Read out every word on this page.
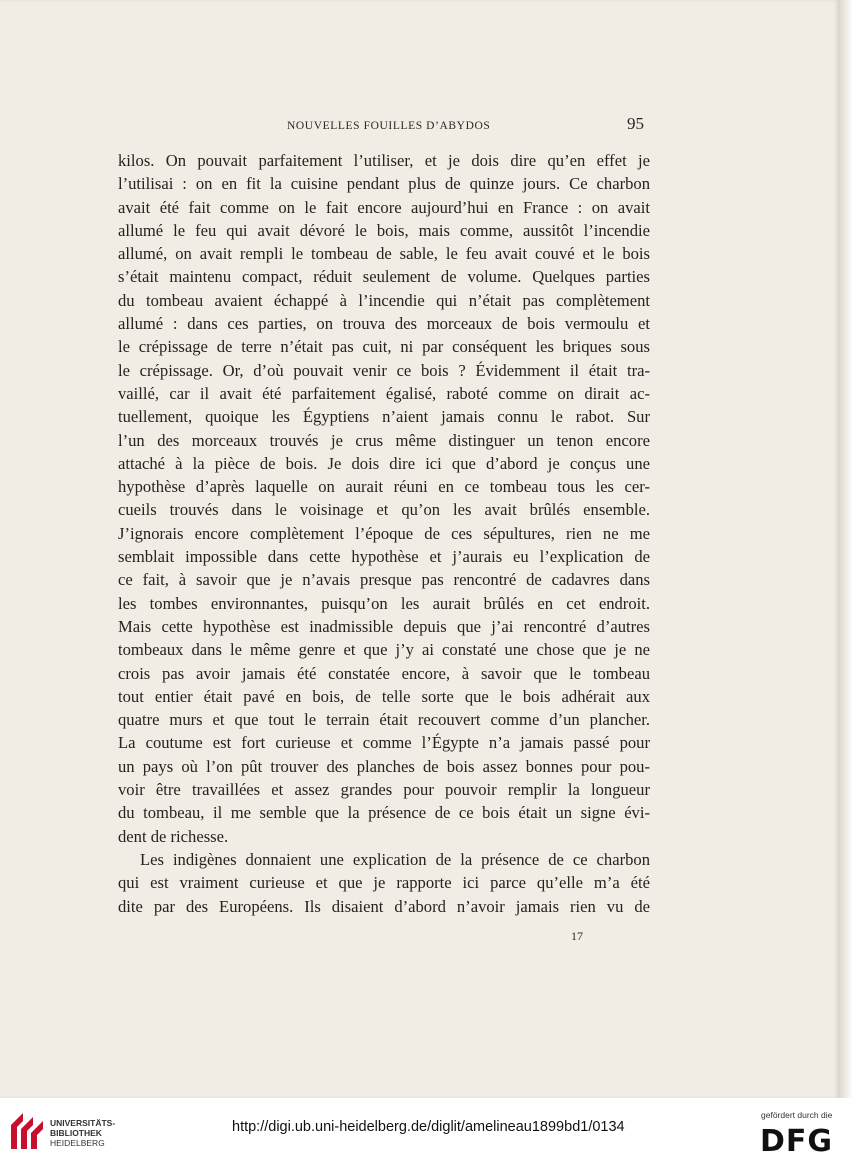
NOUVELLES FOUILLES D’ABYDOS	95
kilos. On pouvait parfaitement l’utiliser, et je dois dire qu’en effet je
l’utilisai : on en fit la cuisine pendant plus de quinze jours. Ce charbon
avait été fait comme on le fait encore aujourd’hui en France : on avait
allumé le feu qui avait dévoré le bois, mais comme, aussitôt l’incendie
allumé, on avait rempli le tombeau de sable, le feu avait couvé et le bois
s’était maintenu compact, réduit seulement de volume. Quelques parties
du tombeau avaient échappé à l’incendie qui n’était pas complètement
allumé : dans ces parties, on trouva des morceaux de bois vermoulu et
le crépissage de terre n’était pas cuit, ni par conséquent les briques sous
le crépissage. Or, d’où pouvait venir ce bois ? Évidemment il était tra-
vaillé, car il avait été parfaitement égalisé, raboté comme on dirait ac-
tuellement, quoique les Égyptiens n’aient jamais connu le rabot. Sur
l’un des morceaux trouvés je crus même distinguer un tenon encore
attaché à la pièce de bois. Je dois dire ici que d’abord je conçus une
hypothèse d’après laquelle on aurait réuni en ce tombeau tous les cer-
cueils trouvés dans le voisinage et qu’on les avait brûlés ensemble.
J’ignorais encore complètement l’époque de ces sépultures, rien ne me
semblait impossible dans cette hypothèse et j’aurais eu l’explication de
ce fait, à savoir que je n’avais presque pas rencontré de cadavres dans
les tombes environnantes, puisqu’on les aurait brûlés en cet endroit.
Mais cette hypothèse est inadmissible depuis que j’ai rencontré d’autres
tombeaux dans le même genre et que j’y ai constaté une chose que je ne
crois pas avoir jamais été constatée encore, à savoir que le tombeau
tout entier était pavé en bois, de telle sorte que le bois adhérait aux
quatre murs et que tout le terrain était recouvert comme d’un plancher.
La coutume est fort curieuse et comme l’Égypte n’a jamais passé pour
un pays où l’on pût trouver des planches de bois assez bonnes pour pou-
voir être travaillées et assez grandes pour pouvoir remplir la longueur
du tombeau, il me semble que la présence de ce bois était un signe évi-
dent de richesse.
Les indigènes donnaient une explication de la présence de ce charbon
qui est vraiment curieuse et que je rapporte ici parce qu’elle m’a été
dite par des Européens. Ils disaient d’abord n’avoir jamais rien vu de
17
UNIVERSITÄTS-
BIBLIOTHEK
HEIDELBERG
http://digi.ub.uni-heidelberg.de/diglit/amelineau1899bd1/0134
gefördert durch die
DFG
